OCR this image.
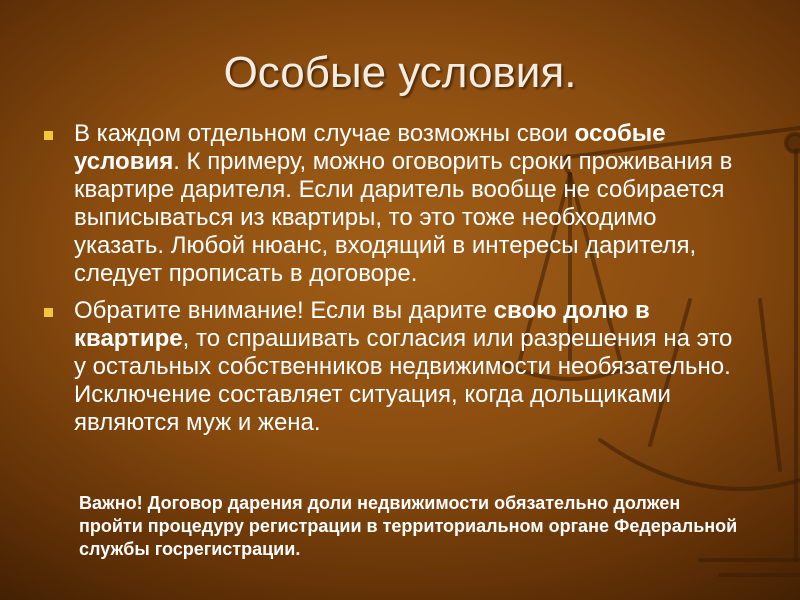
Особые условия.
В каждом отдельном случае возможны свои особые условия. К примеру, можно оговорить сроки проживания в квартире дарителя. Если даритель вообще не собирается выписываться из квартиры, то это тоже необходимо указать. Любой нюанс, входящий в интересы дарителя, следует прописать в договоре.
Обратите внимание! Если вы дарите свою долю в квартире, то спрашивать согласия или разрешения на это у остальных собственников недвижимости необязательно. Исключение составляет ситуация, когда дольщиками являются муж и жена.
Важно! Договор дарения доли недвижимости обязательно должен пройти процедуру регистрации в территориальном органе Федеральной службы госрегистрации.
